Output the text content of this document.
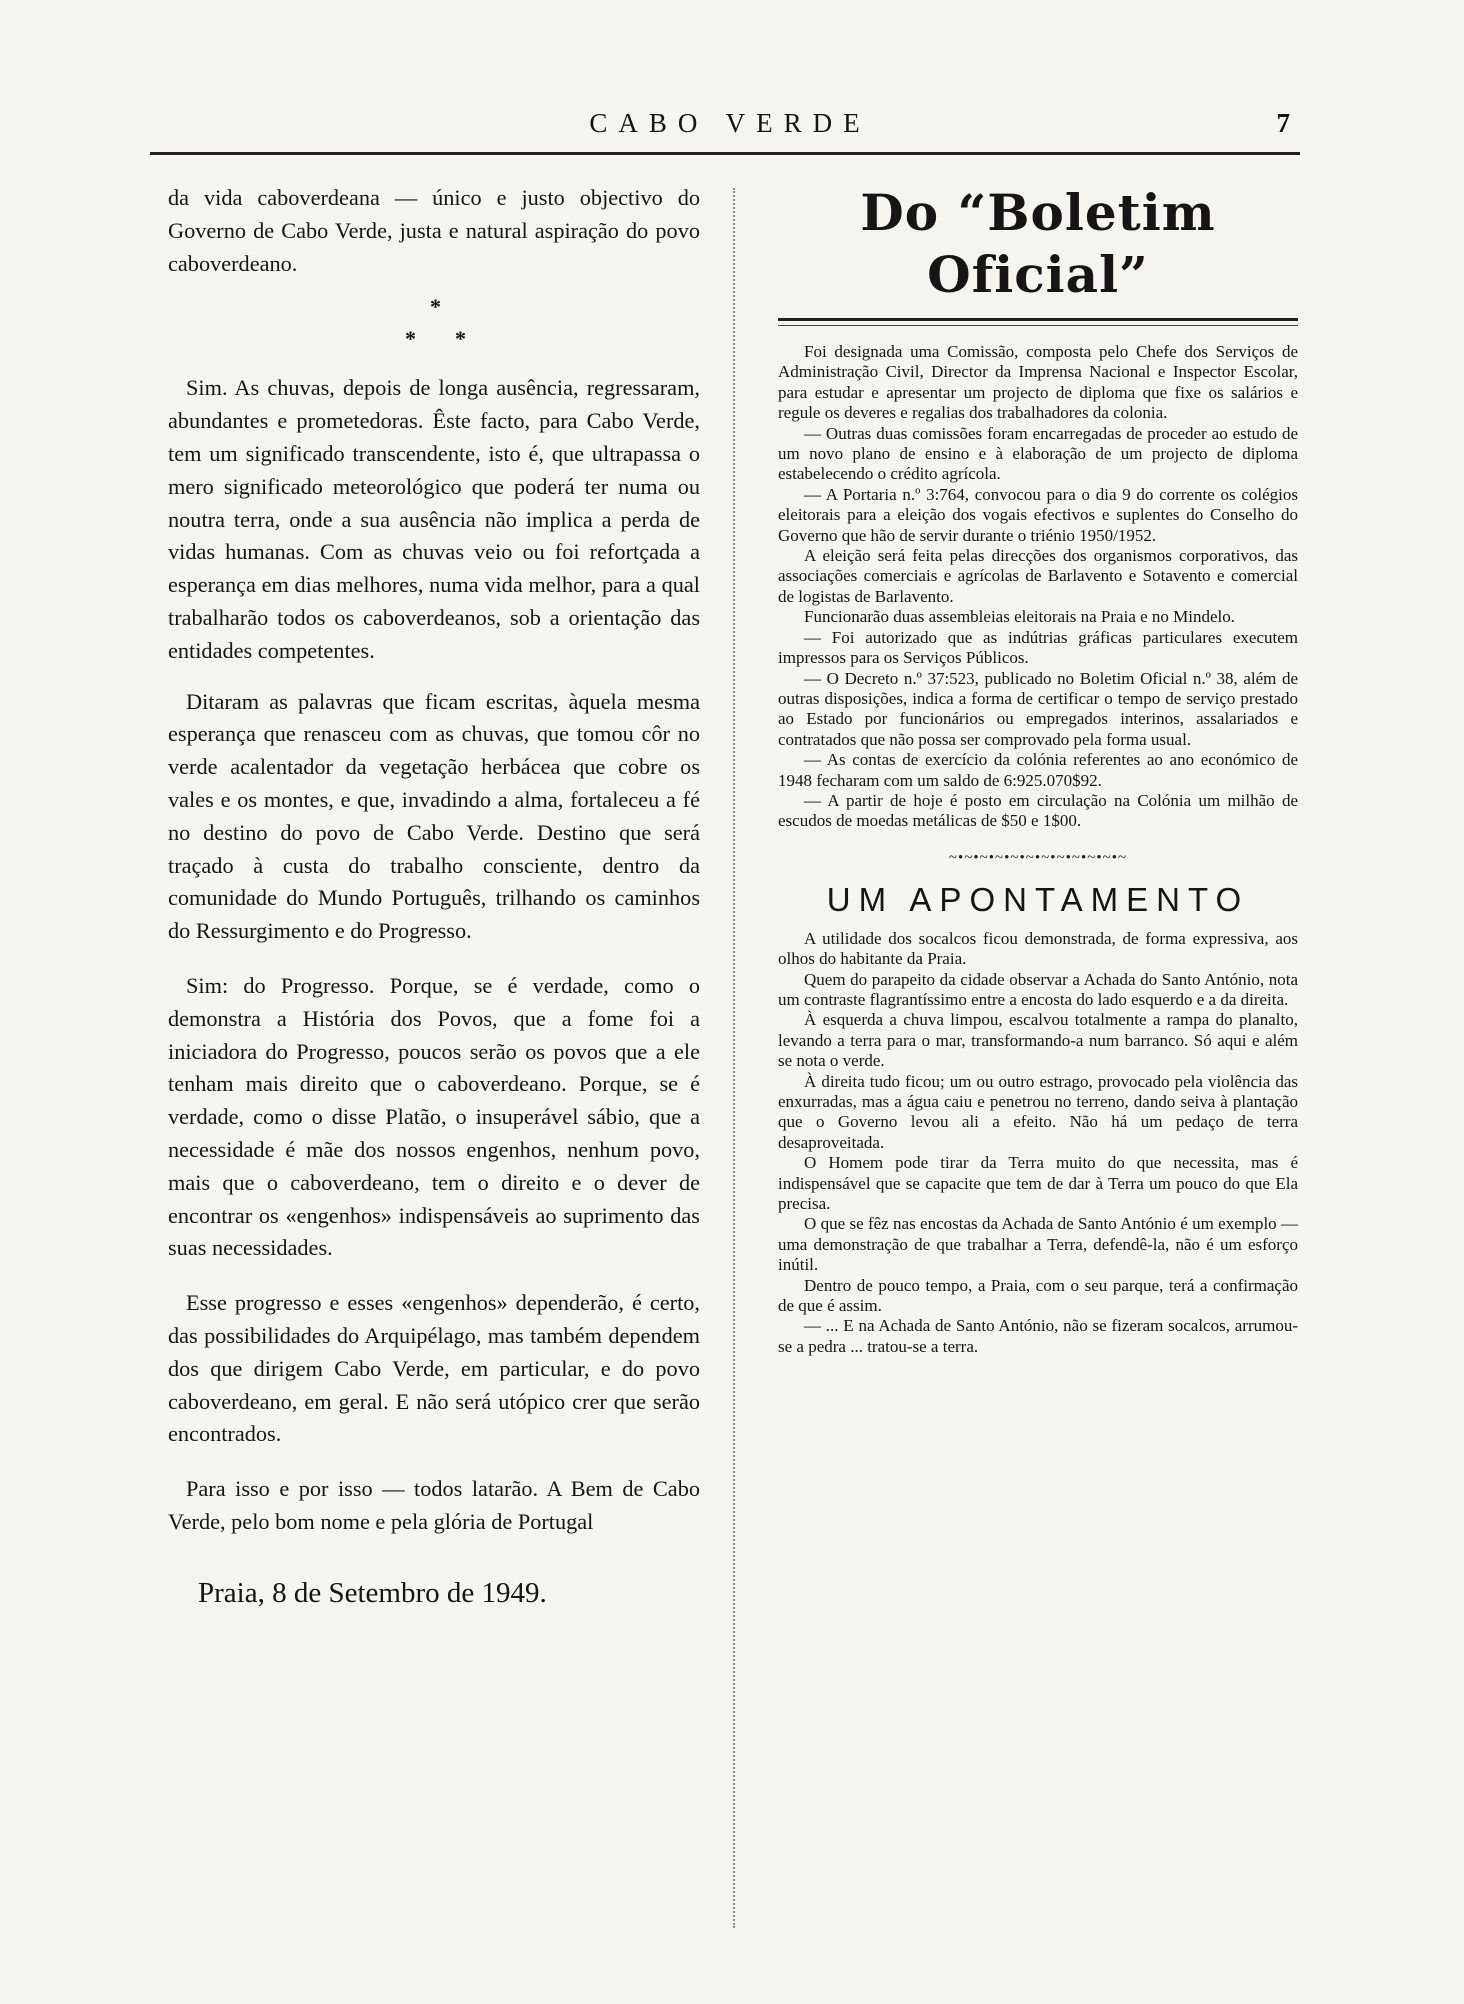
CABO VERDE	7

da vida caboverdeana — único e justo objectivo do Governo de Cabo Verde, justa e natural aspiração do povo caboverdeano.

*
* *

Sim. As chuvas, depois de longa ausência, regressaram, abundantes e prometedoras. Êste facto, para Cabo Verde, tem um significado transcendente, isto é, que ultrapassa o mero significado meteorológico que poderá ter numa ou noutra terra, onde a sua ausência não implica a perda de vidas humanas. Com as chuvas veio ou foi refortçada a esperança em dias melhores, numa vida melhor, para a qual trabalharão todos os caboverdeanos, sob a orientação das entidades competentes.

Ditaram as palavras que ficam escritas, àquela mesma esperança que renasceu com as chuvas, que tomou côr no verde acalentador da vegetação herbácea que cobre os vales e os montes, e que, invadindo a alma, fortaleceu a fé no destino do povo de Cabo Verde. Destino que será traçado à custa do trabalho consciente, dentro da comunidade do Mundo Português, trilhando os caminhos do Ressurgimento e do Progresso.

Sim: do Progresso. Porque, se é verdade, como o demonstra a História dos Povos, que a fome foi a iniciadora do Progresso, poucos serão os povos que a ele tenham mais direito que o caboverdeano. Porque, se é verdade, como o disse Platão, o insuperável sábio, que a necessidade é mãe dos nossos engenhos, nenhum povo, mais que o caboverdeano, tem o direito e o dever de encontrar os «engenhos» indispensáveis ao suprimento das suas necessidades.

Esse progresso e esses «engenhos» dependerão, é certo, das possibilidades do Arquipélago, mas também dependem dos que dirigem Cabo Verde, em particular, e do povo caboverdeano, em geral. E não será utópico crer que serão encontrados.

Para isso e por isso — todos latarão. A Bem de Cabo Verde, pelo bom nome e pela glória de Portugal

Praia, 8 de Setembro de 1949.
Do “Boletim Oficial”

Foi designada uma Comissão, composta pelo Chefe dos Serviços de Administração Civil, Director da Imprensa Nacional e Inspector Escolar, para estudar e apresentar um projecto de diploma que fixe os salários e regule os deveres e regalias dos trabalhadores da colonia.

— Outras duas comissões foram encarregadas de proceder ao estudo de um novo plano de ensino e à elaboração de um projecto de diploma estabelecendo o crédito agrícola.

— A Portaria n.º 3:764, convocou para o dia 9 do corrente os colégios eleitorais para a eleição dos vogais efectivos e suplentes do Conselho do Governo que hão de servir durante o triénio 1950/1952.

A eleição será feita pelas direcções dos organismos corporativos, das associações comerciais e agrícolas de Barlavento e Sotavento e comercial de logistas de Barlavento.

Funcionarão duas assembleias eleitorais na Praia e no Mindelo.

— Foi autorizado que as indútrias gráficas particulares executem impressos para os Serviços Públicos.

— O Decreto n.º 37:523, publicado no Boletim Oficial n.º 38, além de outras disposições, indica a forma de certificar o tempo de serviço prestado ao Estado por funcionários ou empregados interinos, assalariados e contratados que não possa ser comprovado pela forma usual.

— As contas de exercício da colónia referentes ao ano económico de 1948 fecharam com um saldo de 6:925.070$92.

— A partir de hoje é posto em circulação na Colónia um milhão de escudos de moedas metálicas de $50 e 1$00.

~•~•~•~•~•~•~•~•~•~•~•~
UM APONTAMENTO

A utilidade dos socalcos ficou demonstrada, de forma expressiva, aos olhos do habitante da Praia.

Quem do parapeito da cidade observar a Achada do Santo António, nota um contraste flagrantíssimo entre a encosta do lado esquerdo e a da direita.

À esquerda a chuva limpou, escalvou totalmente a rampa do planalto, levando a terra para o mar, transformando-a num barranco. Só aqui e além se nota o verde.

À direita tudo ficou; um ou outro estrago, provocado pela violência das enxurradas, mas a água caiu e penetrou no terreno, dando seiva à plantação que o Governo levou ali a efeito. Não há um pedaço de terra desaproveitada.

O Homem pode tirar da Terra muito do que necessita, mas é indispensável que se capacite que tem de dar à Terra um pouco do que Ela precisa.

O que se fêz nas encostas da Achada de Santo António é um exemplo — uma demonstração de que trabalhar a Terra, defendê-la, não é um esforço inútil.

Dentro de pouco tempo, a Praia, com o seu parque, terá a confirmação de que é assim.

— ... E na Achada de Santo António, não se fizeram socalcos, arrumou-se a pedra ... tratou-se a terra.
